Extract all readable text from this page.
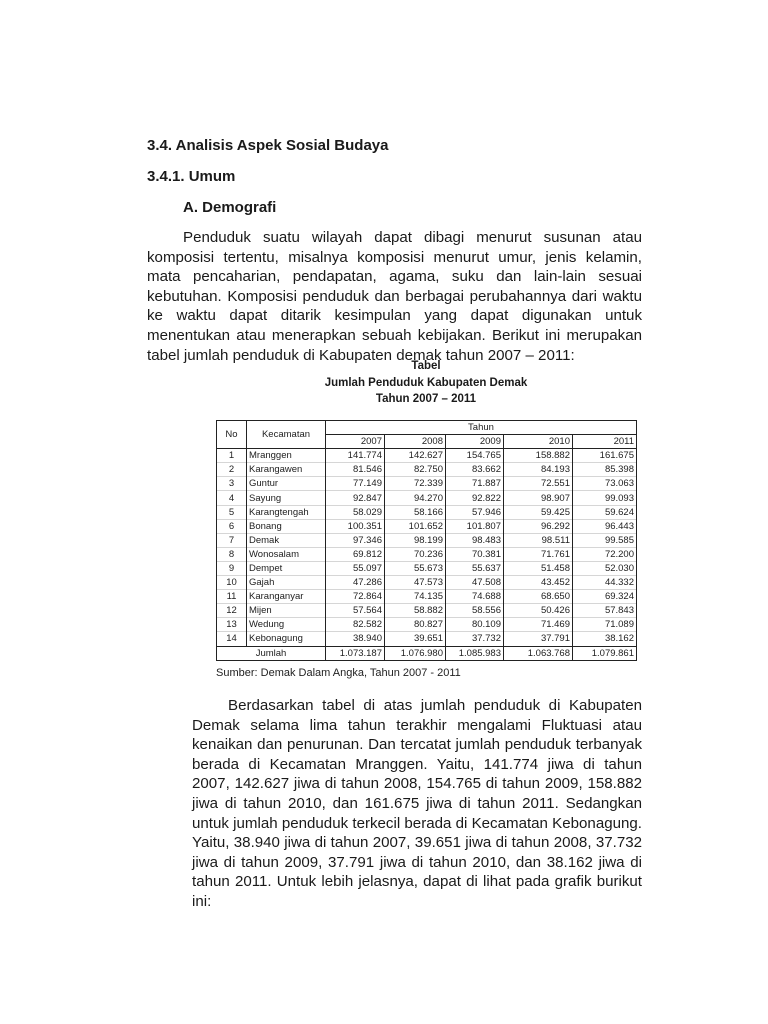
3.4. Analisis Aspek Sosial Budaya
3.4.1. Umum
A. Demografi

Penduduk suatu wilayah dapat dibagi menurut susunan atau komposisi tertentu, misalnya komposisi menurut umur, jenis kelamin, mata pencaharian, pendapatan, agama, suku dan lain-lain sesuai kebutuhan. Komposisi penduduk dan berbagai perubahannya dari waktu ke waktu dapat ditarik kesimpulan yang dapat digunakan untuk menentukan atau menerapkan sebuah kebijakan. Berikut ini merupakan tabel jumlah penduduk di Kabupaten demak tahun 2007 – 2011:

Tabel
Jumlah Penduduk Kabupaten Demak
Tahun 2007 – 2011
No	Kecamatan	Tahun				
		2007	2008	2009	2010	2011
1	Mranggen	141.774	142.627	154.765	158.882	161.675
2	Karangawen	81.546	82.750	83.662	84.193	85.398
3	Guntur	77.149	72.339	71.887	72.551	73.063
4	Sayung	92.847	94.270	92.822	98.907	99.093
5	Karangtengah	58.029	58.166	57.946	59.425	59.624
6	Bonang	100.351	101.652	101.807	96.292	96.443
7	Demak	97.346	98.199	98.483	98.511	99.585
8	Wonosalam	69.812	70.236	70.381	71.761	72.200
9	Dempet	55.097	55.673	55.637	51.458	52.030
10	Gajah	47.286	47.573	47.508	43.452	44.332
11	Karanganyar	72.864	74.135	74.688	68.650	69.324
12	Mijen	57.564	58.882	58.556	50.426	57.843
13	Wedung	82.582	80.827	80.109	71.469	71.089
14	Kebonagung	38.940	39.651	37.732	37.791	38.162
Jumlah		1.073.187	1.076.980	1.085.983	1.063.768	1.079.861
Sumber: Demak Dalam Angka, Tahun 2007 - 2011

Berdasarkan tabel di atas jumlah penduduk di Kabupaten Demak selama lima tahun terakhir mengalami Fluktuasi atau kenaikan dan penurunan. Dan tercatat jumlah penduduk terbanyak berada di Kecamatan Mranggen. Yaitu, 141.774 jiwa di tahun 2007, 142.627 jiwa di tahun 2008, 154.765 di tahun 2009, 158.882 jiwa di tahun 2010, dan 161.675 jiwa di tahun 2011. Sedangkan untuk jumlah penduduk terkecil berada di Kecamatan Kebonagung. Yaitu, 38.940 jiwa di tahun 2007, 39.651 jiwa di tahun 2008, 37.732 jiwa di tahun 2009, 37.791 jiwa di tahun 2010, dan 38.162 jiwa di tahun 2011. Untuk lebih jelasnya, dapat di lihat pada grafik burikut ini:
